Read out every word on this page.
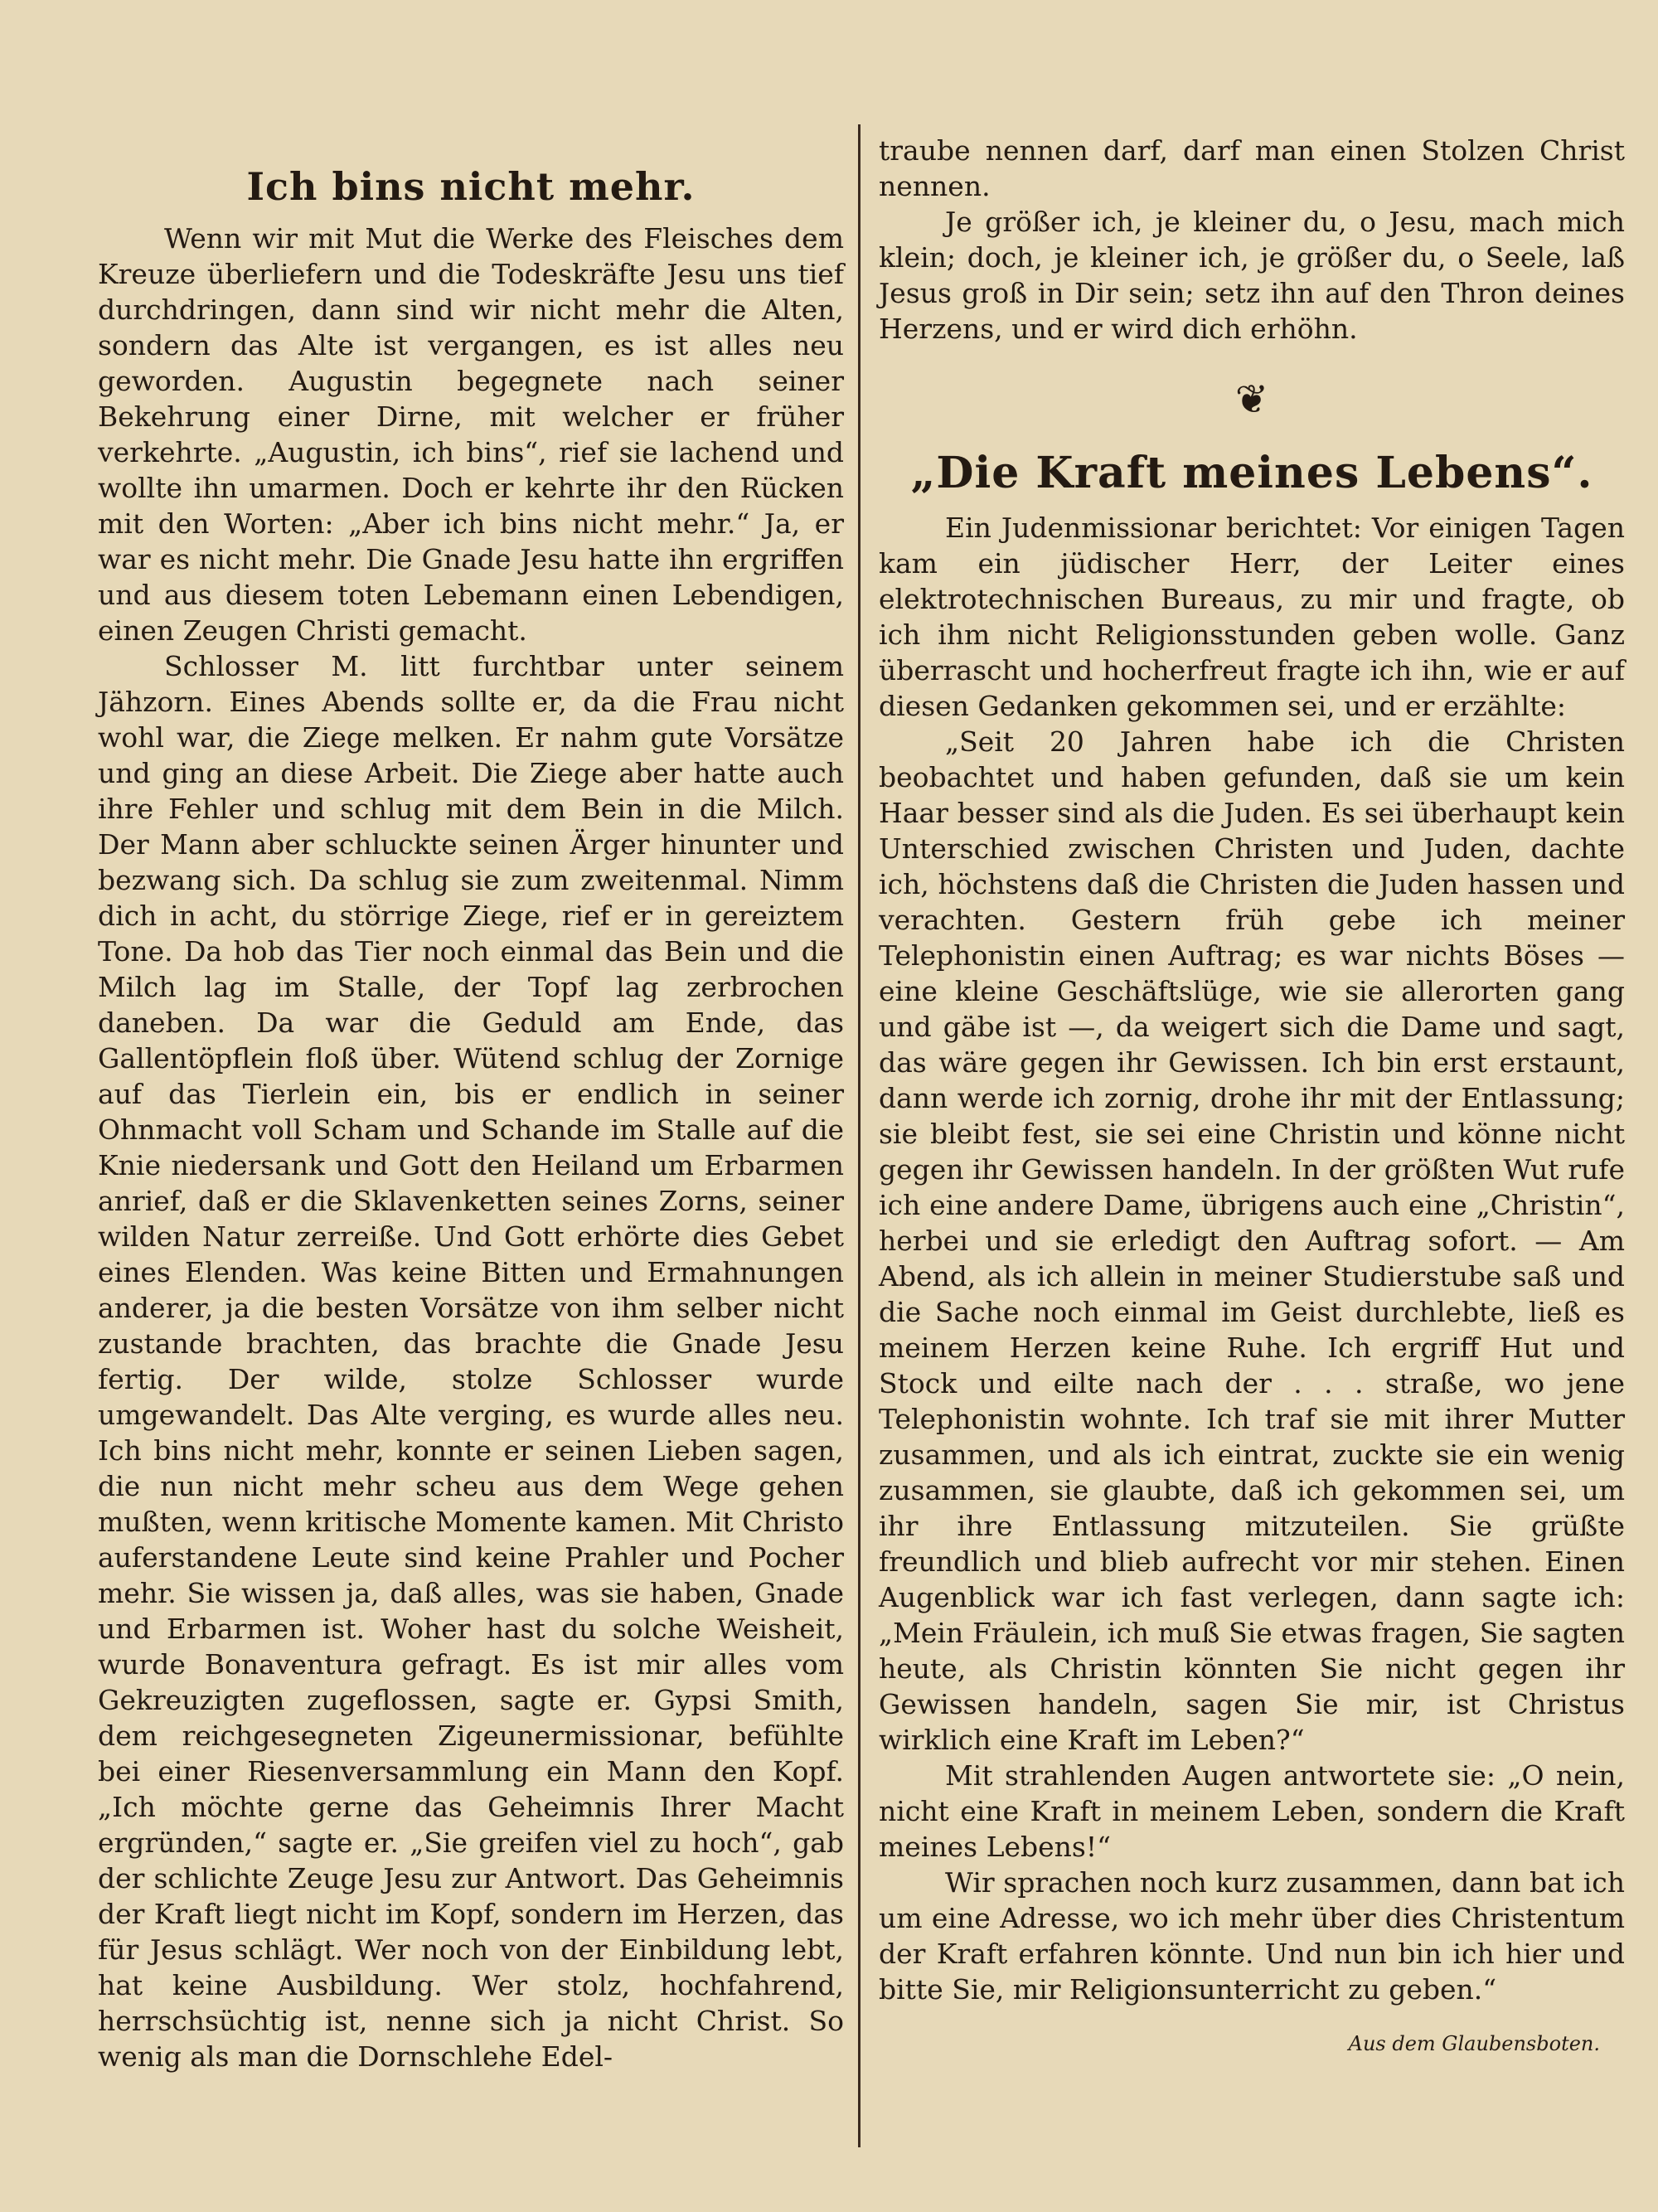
Ich bins nicht mehr.

Wenn wir mit Mut die Werke des Fleisches dem Kreuze überliefern und die Todeskräfte Jesu uns tief durchdringen, dann sind wir nicht mehr die Alten, sondern das Alte ist vergangen, es ist alles neu geworden. Augustin begegnete nach seiner Bekehrung einer Dirne, mit welcher er früher verkehrte. „Augustin, ich bins“, rief sie lachend und wollte ihn umarmen. Doch er kehrte ihr den Rücken mit den Worten: „Aber ich bins nicht mehr.“ Ja, er war es nicht mehr. Die Gnade Jesu hatte ihn ergriffen und aus diesem toten Lebemann einen Lebendigen, einen Zeugen Christi gemacht.

Schlosser M. litt furchtbar unter seinem Jähzorn. Eines Abends sollte er, da die Frau nicht wohl war, die Ziege melken. Er nahm gute Vorsätze und ging an diese Arbeit. Die Ziege aber hatte auch ihre Fehler und schlug mit dem Bein in die Milch. Der Mann aber schluckte seinen Ärger hinunter und bezwang sich. Da schlug sie zum zweitenmal. Nimm dich in acht, du störrige Ziege, rief er in gereiztem Tone. Da hob das Tier noch einmal das Bein und die Milch lag im Stalle, der Topf lag zerbrochen daneben. Da war die Geduld am Ende, das Gallentöpflein floß über. Wütend schlug der Zornige auf das Tierlein ein, bis er endlich in seiner Ohnmacht voll Scham und Schande im Stalle auf die Knie niedersank und Gott den Heiland um Erbarmen anrief, daß er die Sklavenketten seines Zorns, seiner wilden Natur zerreiße. Und Gott erhörte dies Gebet eines Elenden. Was keine Bitten und Ermahnungen anderer, ja die besten Vorsätze von ihm selber nicht zustande brachten, das brachte die Gnade Jesu fertig. Der wilde, stolze Schlosser wurde umgewandelt. Das Alte verging, es wurde alles neu. Ich bins nicht mehr, konnte er seinen Lieben sagen, die nun nicht mehr scheu aus dem Wege gehen mußten, wenn kritische Momente kamen. Mit Christo auferstandene Leute sind keine Prahler und Pocher mehr. Sie wissen ja, daß alles, was sie haben, Gnade und Erbarmen ist. Woher hast du solche Weisheit, wurde Bonaventura gefragt. Es ist mir alles vom Gekreuzigten zugeflossen, sagte er. Gypsi Smith, dem reichgesegneten Zigeunermissionar, befühlte bei einer Riesenversammlung ein Mann den Kopf. „Ich möchte gerne das Geheimnis Ihrer Macht ergründen,“ sagte er. „Sie greifen viel zu hoch“, gab der schlichte Zeuge Jesu zur Antwort. Das Geheimnis der Kraft liegt nicht im Kopf, sondern im Herzen, das für Jesus schlägt. Wer noch von der Einbildung lebt, hat keine Ausbildung. Wer stolz, hochfahrend, herrschsüchtig ist, nenne sich ja nicht Christ. So wenig als man die Dornschlehe Edel-

traube nennen darf, darf man einen Stolzen Christ nennen.

Je größer ich, je kleiner du, o Jesu, mach mich klein; doch, je kleiner ich, je größer du, o Seele, laß Jesus groß in Dir sein; setz ihn auf den Thron deines Herzens, und er wird dich erhöhn.

❦
„Die Kraft meines Lebens“.

Ein Judenmissionar berichtet: Vor einigen Tagen kam ein jüdischer Herr, der Leiter eines elektrotechnischen Bureaus, zu mir und fragte, ob ich ihm nicht Religionsstunden geben wolle. Ganz überrascht und hocherfreut fragte ich ihn, wie er auf diesen Gedanken gekommen sei, und er erzählte:

„Seit 20 Jahren habe ich die Christen beobachtet und haben gefunden, daß sie um kein Haar besser sind als die Juden. Es sei überhaupt kein Unterschied zwischen Christen und Juden, dachte ich, höchstens daß die Christen die Juden hassen und verachten. Gestern früh gebe ich meiner Telephonistin einen Auftrag; es war nichts Böses — eine kleine Geschäftslüge, wie sie allerorten gang und gäbe ist —, da weigert sich die Dame und sagt, das wäre gegen ihr Gewissen. Ich bin erst erstaunt, dann werde ich zornig, drohe ihr mit der Entlassung; sie bleibt fest, sie sei eine Christin und könne nicht gegen ihr Gewissen handeln. In der größten Wut rufe ich eine andere Dame, übrigens auch eine „Christin“, herbei und sie erledigt den Auftrag sofort. — Am Abend, als ich allein in meiner Studierstube saß und die Sache noch einmal im Geist durchlebte, ließ es meinem Herzen keine Ruhe. Ich ergriff Hut und Stock und eilte nach der . . . straße, wo jene Telephonistin wohnte. Ich traf sie mit ihrer Mutter zusammen, und als ich eintrat, zuckte sie ein wenig zusammen, sie glaubte, daß ich gekommen sei, um ihr ihre Entlassung mitzuteilen. Sie grüßte freundlich und blieb aufrecht vor mir stehen. Einen Augenblick war ich fast verlegen, dann sagte ich: „Mein Fräulein, ich muß Sie etwas fragen, Sie sagten heute, als Christin könnten Sie nicht gegen ihr Gewissen handeln, sagen Sie mir, ist Christus wirklich eine Kraft im Leben?“

Mit strahlenden Augen antwortete sie: „O nein, nicht eine Kraft in meinem Leben, sondern die Kraft meines Lebens!“

Wir sprachen noch kurz zusammen, dann bat ich um eine Adresse, wo ich mehr über dies Christentum der Kraft erfahren könnte. Und nun bin ich hier und bitte Sie, mir Religionsunterricht zu geben.“

Aus dem Glaubensboten.
